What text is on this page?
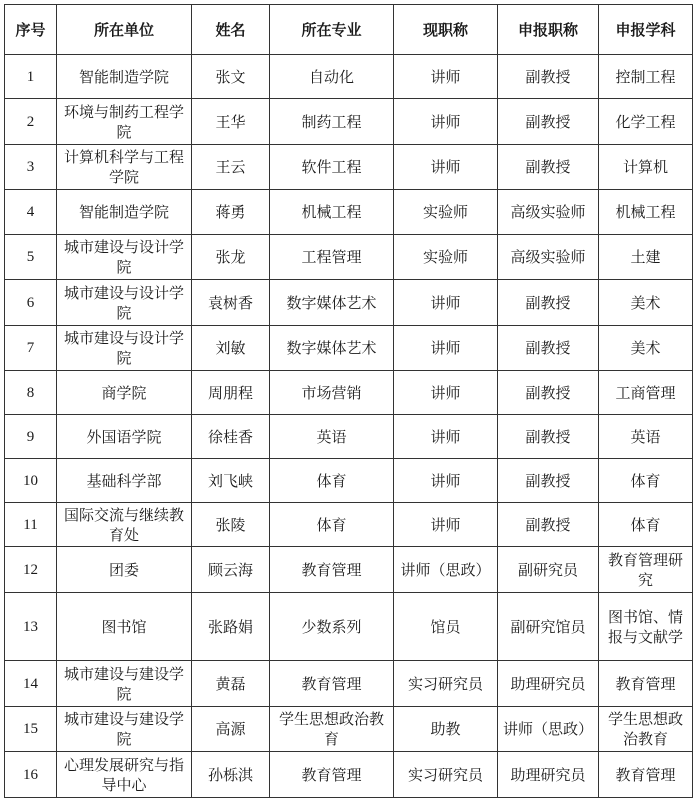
序号	所在单位	姓名	所在专业	现职称	申报职称	申报学科
1	智能制造学院	张文	自动化	讲师	副教授	控制工程
2	环境与制药工程学院	王华	制药工程	讲师	副教授	化学工程
3	计算机科学与工程学院	王云	软件工程	讲师	副教授	计算机
4	智能制造学院	蒋勇	机械工程	实验师	高级实验师	机械工程
5	城市建设与设计学院	张龙	工程管理	实验师	高级实验师	土建
6	城市建设与设计学院	袁树香	数字媒体艺术	讲师	副教授	美术
7	城市建设与设计学院	刘敏	数字媒体艺术	讲师	副教授	美术
8	商学院	周朋程	市场营销	讲师	副教授	工商管理
9	外国语学院	徐桂香	英语	讲师	副教授	英语
10	基础科学部	刘飞峡	体育	讲师	副教授	体育
11	国际交流与继续教育处	张陵	体育	讲师	副教授	体育
12	团委	顾云海	教育管理	讲师（思政）	副研究员	教育管理研究
13	图书馆	张路娟	少数系列	馆员	副研究馆员	图书馆、情报与文献学
14	城市建设与建设学院	黄磊	教育管理	实习研究员	助理研究员	教育管理
15	城市建设与建设学院	高源	学生思想政治教育	助教	讲师（思政）	学生思想政治教育
16	心理发展研究与指导中心	孙栎淇	教育管理	实习研究员	助理研究员	教育管理
